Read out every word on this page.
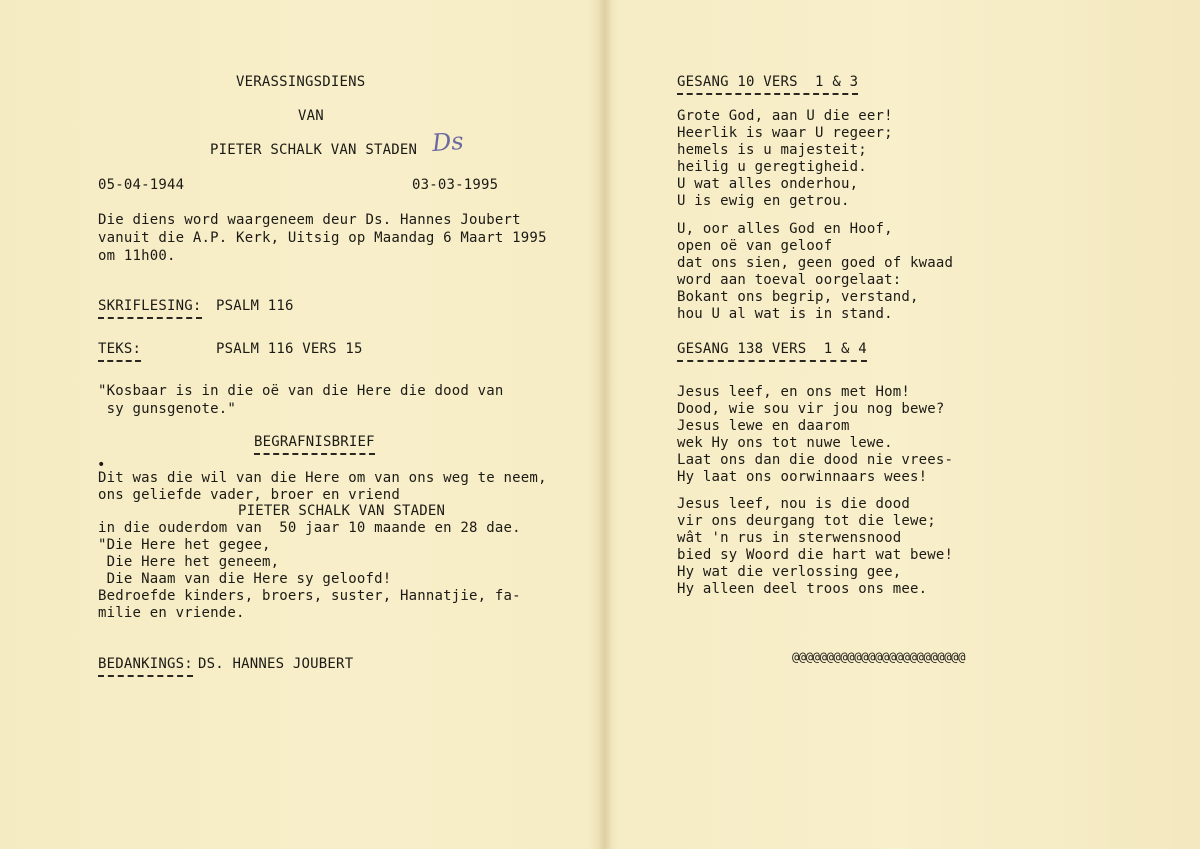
VERASSINGSDIENS
VAN
PIETER SCHALK VAN STADEN Ds
05-04-1944	03-03-1995
Die diens word waargeneem deur Ds. Hannes Joubert
vanuit die A.P. Kerk, Uitsig op Maandag 6 Maart 1995
om 11h00.
SKRIFLESING: PSALM 116
TEKS:	PSALM 116 VERS 15
"Kosbaar is in die oë van die Here die dood van
sy gunsgenote."
BEGRAFNISBRIEF
•
Dit was die wil van die Here om van ons weg te neem,
ons geliefde vader, broer en vriend
PIETER SCHALK VAN STADEN
in die ouderdom van  50 jaar 10 maande en 28 dae.
"Die Here het gegee,
Die Here het geneem,
Die Naam van die Here sy geloofd!
Bedroefde kinders, broers, suster, Hannatjie, fa-
milie en vriende.
BEDANKINGS: DS. HANNES JOUBERT
GESANG 10 VERS  1 & 3
Grote God, aan U die eer!
Heerlik is waar U regeer;
hemels is u majesteit;
heilig u geregtigheid.
U wat alles onderhou,
U is ewig en getrou.
U, oor alles God en Hoof,
open oë van geloof
dat ons sien, geen goed of kwaad
word aan toeval oorgelaat:
Bokant ons begrip, verstand,
hou U al wat is in stand.
GESANG 138 VERS  1 & 4
Jesus leef, en ons met Hom!
Dood, wie sou vir jou nog bewe?
Jesus lewe en daarom
wek Hy ons tot nuwe lewe.
Laat ons dan die dood nie vrees-
Hy laat ons oorwinnaars wees!
Jesus leef, nou is die dood
vir ons deurgang tot die lewe;
wât 'n rus in sterwensnood
bied sy Woord die hart wat bewe!
Hy wat die verlossing gee,
Hy alleen deel troos ons mee.
@@@@@@@@@@@@@@@@@@@@@@@@@
